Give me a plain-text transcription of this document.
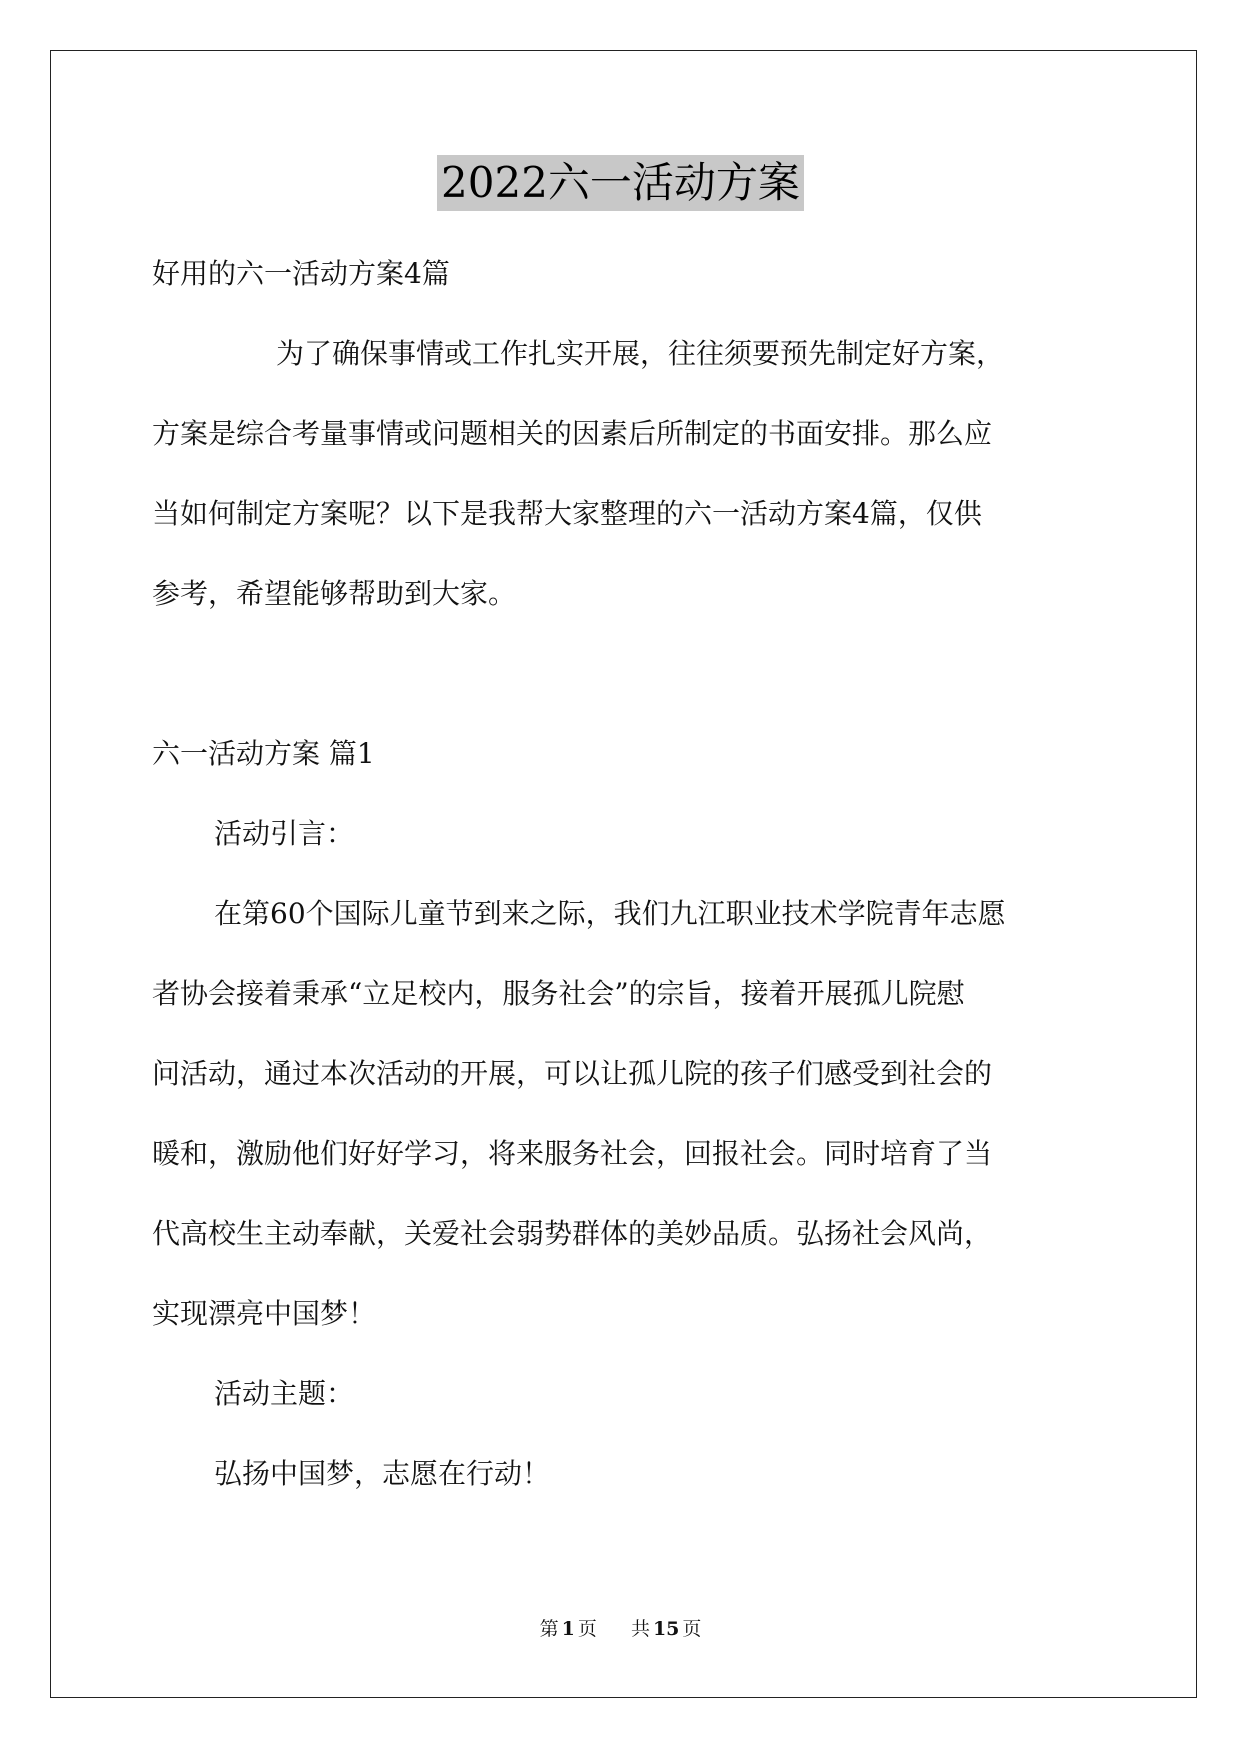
2022六一活动方案
好用的六一活动方案4篇
为了确保事情或工作扎实开展，往往须要预先制定好方案，
方案是综合考量事情或问题相关的因素后所制定的书面安排。那么应
当如何制定方案呢？以下是我帮大家整理的六一活动方案4篇，仅供
参考，希望能够帮助到大家。
六一活动方案 篇1
活动引言：
在第60个国际儿童节到来之际，我们九江职业技术学院青年志愿
者协会接着秉承“立足校内，服务社会”的宗旨，接着开展孤儿院慰
问活动，通过本次活动的开展，可以让孤儿院的孩子们感受到社会的
暖和，激励他们好好学习，将来服务社会，回报社会。同时培育了当
代高校生主动奉献，关爱社会弱势群体的美妙品质。弘扬社会风尚，
实现漂亮中国梦！
活动主题：
弘扬中国梦，志愿在行动！
第 1 页 共 15 页
